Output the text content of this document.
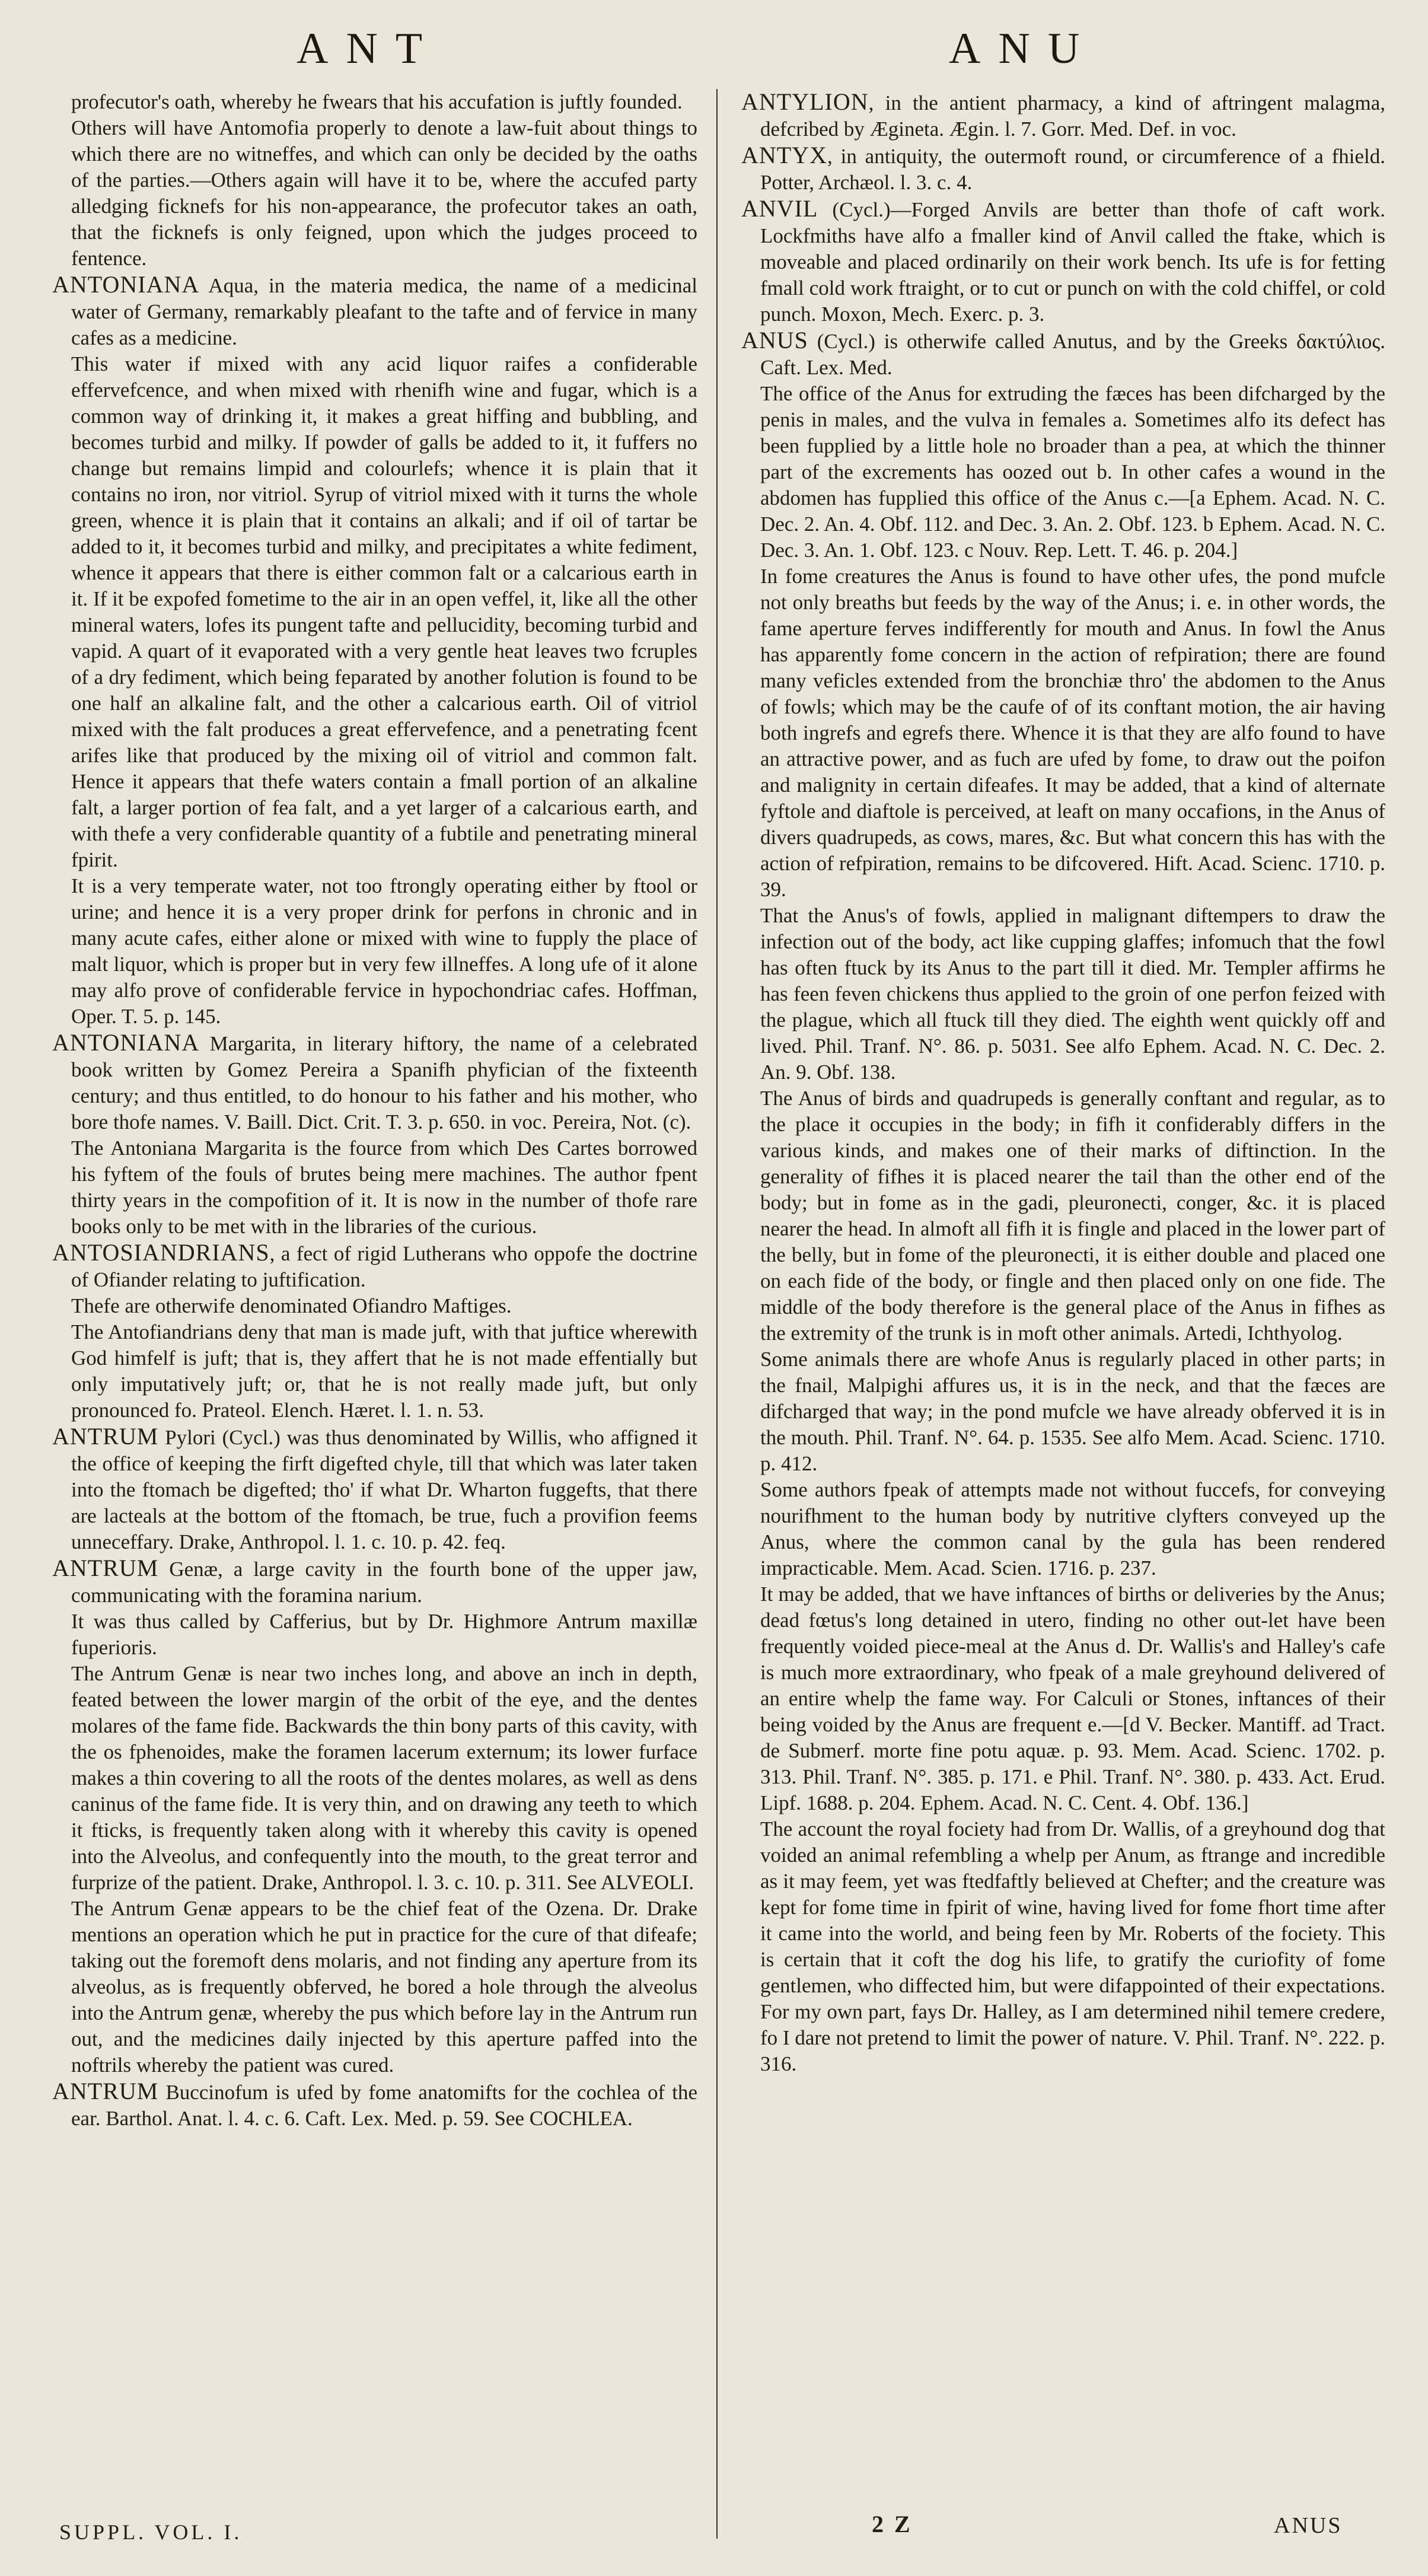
ANT	ANU

profecutor's oath, whereby he fwears that his accufation is juftly founded.

Others will have Antomofia properly to denote a law-fuit about things to which there are no witneffes, and which can only be decided by the oaths of the parties.—Others again will have it to be, where the accufed party alledging ficknefs for his non-appearance, the profecutor takes an oath, that the ficknefs is only feigned, upon which the judges proceed to fentence.

ANTONIANA Aqua, in the materia medica, the name of a medicinal water of Germany, remarkably pleafant to the tafte and of fervice in many cafes as a medicine.

This water if mixed with any acid liquor raifes a confiderable effervefcence, and when mixed with rhenifh wine and fugar, which is a common way of drinking it, it makes a great hiffing and bubbling, and becomes turbid and milky. If powder of galls be added to it, it fuffers no change but remains limpid and colourlefs; whence it is plain that it contains no iron, nor vitriol. Syrup of vitriol mixed with it turns the whole green, whence it is plain that it contains an alkali; and if oil of tartar be added to it, it becomes turbid and milky, and precipitates a white fediment, whence it appears that there is either common falt or a calcarious earth in it. If it be expofed fometime to the air in an open veffel, it, like all the other mineral waters, lofes its pungent tafte and pellucidity, becoming turbid and vapid. A quart of it evaporated with a very gentle heat leaves two fcruples of a dry fediment, which being feparated by another folution is found to be one half an alkaline falt, and the other a calcarious earth. Oil of vitriol mixed with the falt produces a great effervefence, and a penetrating fcent arifes like that produced by the mixing oil of vitriol and common falt. Hence it appears that thefe waters contain a fmall portion of an alkaline falt, a larger portion of fea falt, and a yet larger of a calcarious earth, and with thefe a very confiderable quantity of a fubtile and penetrating mineral fpirit.

It is a very temperate water, not too ftrongly operating either by ftool or urine; and hence it is a very proper drink for perfons in chronic and in many acute cafes, either alone or mixed with wine to fupply the place of malt liquor, which is proper but in very few illneffes. A long ufe of it alone may alfo prove of confiderable fervice in hypochondriac cafes. Hoffman, Oper. T. 5. p. 145.

ANTONIANA Margarita, in literary hiftory, the name of a celebrated book written by Gomez Pereira a Spanifh phyfician of the fixteenth century; and thus entitled, to do honour to his father and his mother, who bore thofe names. V. Baill. Dict. Crit. T. 3. p. 650. in voc. Pereira, Not. (c).

The Antoniana Margarita is the fource from which Des Cartes borrowed his fyftem of the fouls of brutes being mere machines. The author fpent thirty years in the compofition of it. It is now in the number of thofe rare books only to be met with in the libraries of the curious.

ANTOSIANDRIANS, a fect of rigid Lutherans who oppofe the doctrine of Ofiander relating to juftification.

Thefe are otherwife denominated Ofiandro Maftiges.

The Antofiandrians deny that man is made juft, with that juftice wherewith God himfelf is juft; that is, they affert that he is not made effentially but only imputatively juft; or, that he is not really made juft, but only pronounced fo. Prateol. Elench. Hæret. l. 1. n. 53.

ANTRUM Pylori (Cycl.) was thus denominated by Willis, who affigned it the office of keeping the firft digefted chyle, till that which was later taken into the ftomach be digefted; tho' if what Dr. Wharton fuggefts, that there are lacteals at the bottom of the ftomach, be true, fuch a provifion feems unneceffary. Drake, Anthropol. l. 1. c. 10. p. 42. feq.

ANTRUM Genæ, a large cavity in the fourth bone of the upper jaw, communicating with the foramina narium.

It was thus called by Cafferius, but by Dr. Highmore Antrum maxillæ fuperioris.

The Antrum Genæ is near two inches long, and above an inch in depth, feated between the lower margin of the orbit of the eye, and the dentes molares of the fame fide. Backwards the thin bony parts of this cavity, with the os fphenoides, make the foramen lacerum externum; its lower furface makes a thin covering to all the roots of the dentes molares, as well as dens caninus of the fame fide. It is very thin, and on drawing any teeth to which it fticks, is frequently taken along with it whereby this cavity is opened into the Alveolus, and confequently into the mouth, to the great terror and furprize of the patient. Drake, Anthropol. l. 3. c. 10. p. 311. See ALVEOLI.

The Antrum Genæ appears to be the chief feat of the Ozena. Dr. Drake mentions an operation which he put in practice for the cure of that difeafe; taking out the foremoft dens molaris, and not finding any aperture from its alveolus, as is frequently obferved, he bored a hole through the alveolus into the Antrum genæ, whereby the pus which before lay in the Antrum run out, and the medicines daily injected by this aperture paffed into the noftrils whereby the patient was cured.

ANTRUM Buccinofum is ufed by fome anatomifts for the cochlea of the ear. Barthol. Anat. l. 4. c. 6. Caft. Lex. Med. p. 59. See COCHLEA.

ANTYLION, in the antient pharmacy, a kind of aftringent malagma, defcribed by Ægineta. Ægin. l. 7. Gorr. Med. Def. in voc.

ANTYX, in antiquity, the outermoft round, or circumference of a fhield. Potter, Archæol. l. 3. c. 4.

ANVIL (Cycl.)—Forged Anvils are better than thofe of caft work. Lockfmiths have alfo a fmaller kind of Anvil called the ftake, which is moveable and placed ordinarily on their work bench. Its ufe is for fetting fmall cold work ftraight, or to cut or punch on with the cold chiffel, or cold punch. Moxon, Mech. Exerc. p. 3.

ANUS (Cycl.) is otherwife called Anutus, and by the Greeks δακτύλιος. Caft. Lex. Med.

The office of the Anus for extruding the fæces has been difcharged by the penis in males, and the vulva in females a. Sometimes alfo its defect has been fupplied by a little hole no broader than a pea, at which the thinner part of the excrements has oozed out b. In other cafes a wound in the abdomen has fupplied this office of the Anus c.—[a Ephem. Acad. N. C. Dec. 2. An. 4. Obf. 112. and Dec. 3. An. 2. Obf. 123. b Ephem. Acad. N. C. Dec. 3. An. 1. Obf. 123. c Nouv. Rep. Lett. T. 46. p. 204.]

In fome creatures the Anus is found to have other ufes, the pond mufcle not only breaths but feeds by the way of the Anus; i. e. in other words, the fame aperture ferves indifferently for mouth and Anus. In fowl the Anus has apparently fome concern in the action of refpiration; there are found many veficles extended from the bronchiæ thro' the abdomen to the Anus of fowls; which may be the caufe of of its conftant motion, the air having both ingrefs and egrefs there. Whence it is that they are alfo found to have an attractive power, and as fuch are ufed by fome, to draw out the poifon and malignity in certain difeafes. It may be added, that a kind of alternate fyftole and diaftole is perceived, at leaft on many occafions, in the Anus of divers quadrupeds, as cows, mares, &c. But what concern this has with the action of refpiration, remains to be difcovered. Hift. Acad. Scienc. 1710. p. 39.

That the Anus's of fowls, applied in malignant diftempers to draw the infection out of the body, act like cupping glaffes; infomuch that the fowl has often ftuck by its Anus to the part till it died. Mr. Templer affirms he has feen feven chickens thus applied to the groin of one perfon feized with the plague, which all ftuck till they died. The eighth went quickly off and lived. Phil. Tranf. N°. 86. p. 5031. See alfo Ephem. Acad. N. C. Dec. 2. An. 9. Obf. 138.

The Anus of birds and quadrupeds is generally conftant and regular, as to the place it occupies in the body; in fifh it confiderably differs in the various kinds, and makes one of their marks of diftinction. In the generality of fifhes it is placed nearer the tail than the other end of the body; but in fome as in the gadi, pleuronecti, conger, &c. it is placed nearer the head. In almoft all fifh it is fingle and placed in the lower part of the belly, but in fome of the pleuronecti, it is either double and placed one on each fide of the body, or fingle and then placed only on one fide. The middle of the body therefore is the general place of the Anus in fifhes as the extremity of the trunk is in moft other animals. Artedi, Ichthyolog.

Some animals there are whofe Anus is regularly placed in other parts; in the fnail, Malpighi affures us, it is in the neck, and that the fæces are difcharged that way; in the pond mufcle we have already obferved it is in the mouth. Phil. Tranf. N°. 64. p. 1535. See alfo Mem. Acad. Scienc. 1710. p. 412.

Some authors fpeak of attempts made not without fuccefs, for conveying nourifhment to the human body by nutritive clyfters conveyed up the Anus, where the common canal by the gula has been rendered impracticable. Mem. Acad. Scien. 1716. p. 237.

It may be added, that we have inftances of births or deliveries by the Anus; dead fœtus's long detained in utero, finding no other out-let have been frequently voided piece-meal at the Anus d. Dr. Wallis's and Halley's cafe is much more extraordinary, who fpeak of a male greyhound delivered of an entire whelp the fame way. For Calculi or Stones, inftances of their being voided by the Anus are frequent e.—[d V. Becker. Mantiff. ad Tract. de Submerf. morte fine potu aquæ. p. 93. Mem. Acad. Scienc. 1702. p. 313. Phil. Tranf. N°. 385. p. 171. e Phil. Tranf. N°. 380. p. 433. Act. Erud. Lipf. 1688. p. 204. Ephem. Acad. N. C. Cent. 4. Obf. 136.]

The account the royal fociety had from Dr. Wallis, of a greyhound dog that voided an animal refembling a whelp per Anum, as ftrange and incredible as it may feem, yet was ftedfaftly believed at Chefter; and the creature was kept for fome time in fpirit of wine, having lived for fome fhort time after it came into the world, and being feen by Mr. Roberts of the fociety. This is certain that it coft the dog his life, to gratify the curiofity of fome gentlemen, who diffected him, but were difappointed of their expectations. For my own part, fays Dr. Halley, as I am determined nihil temere credere, fo I dare not pretend to limit the power of nature. V. Phil. Tranf. N°. 222. p. 316.

SUPPL. VOL. I.	2 Z	ANUS
